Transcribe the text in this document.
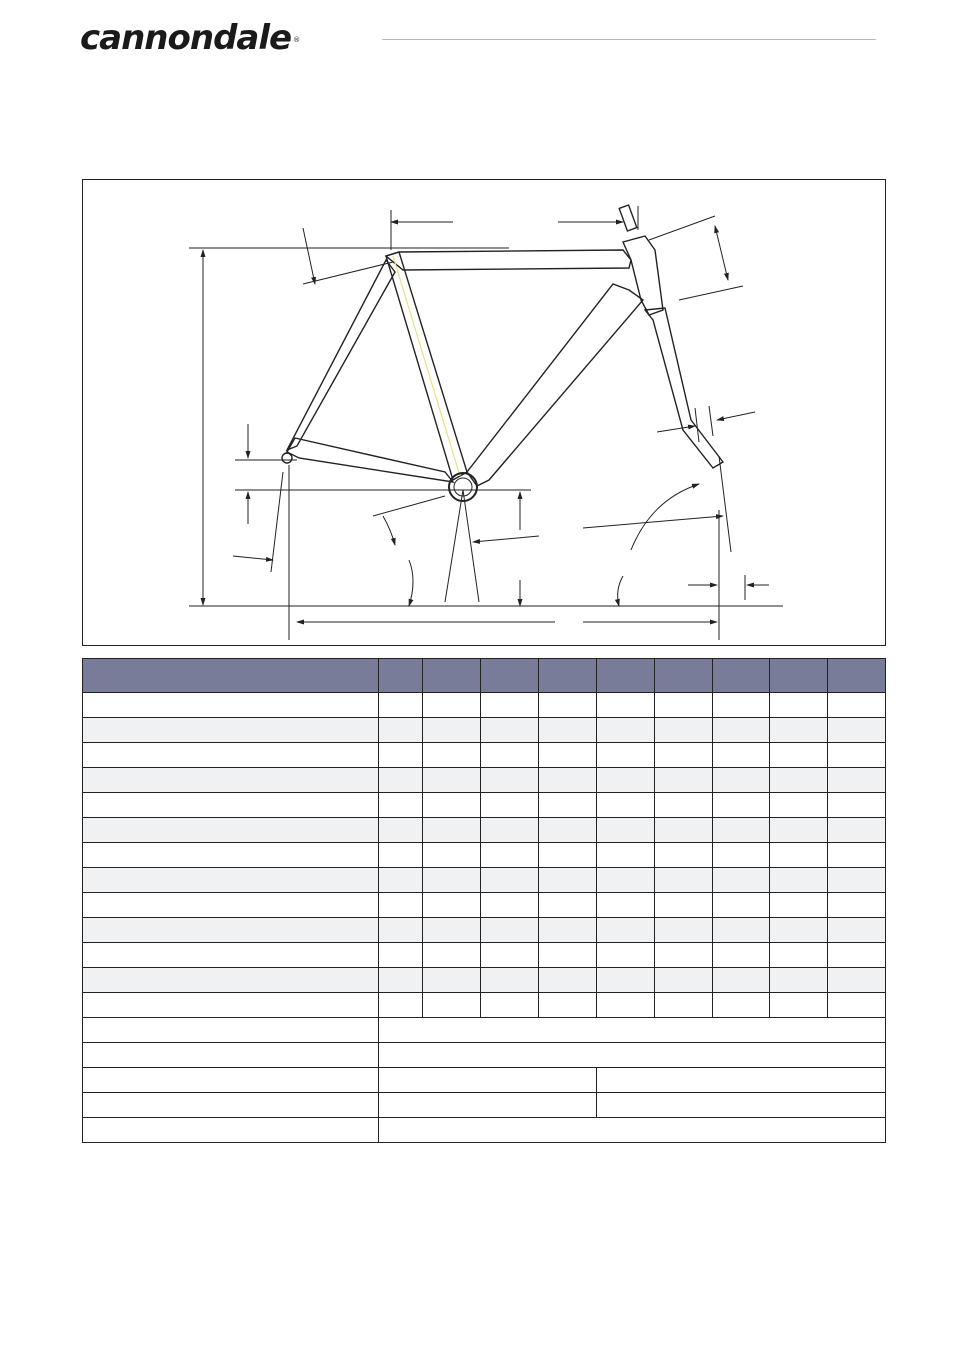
cannondale ®
